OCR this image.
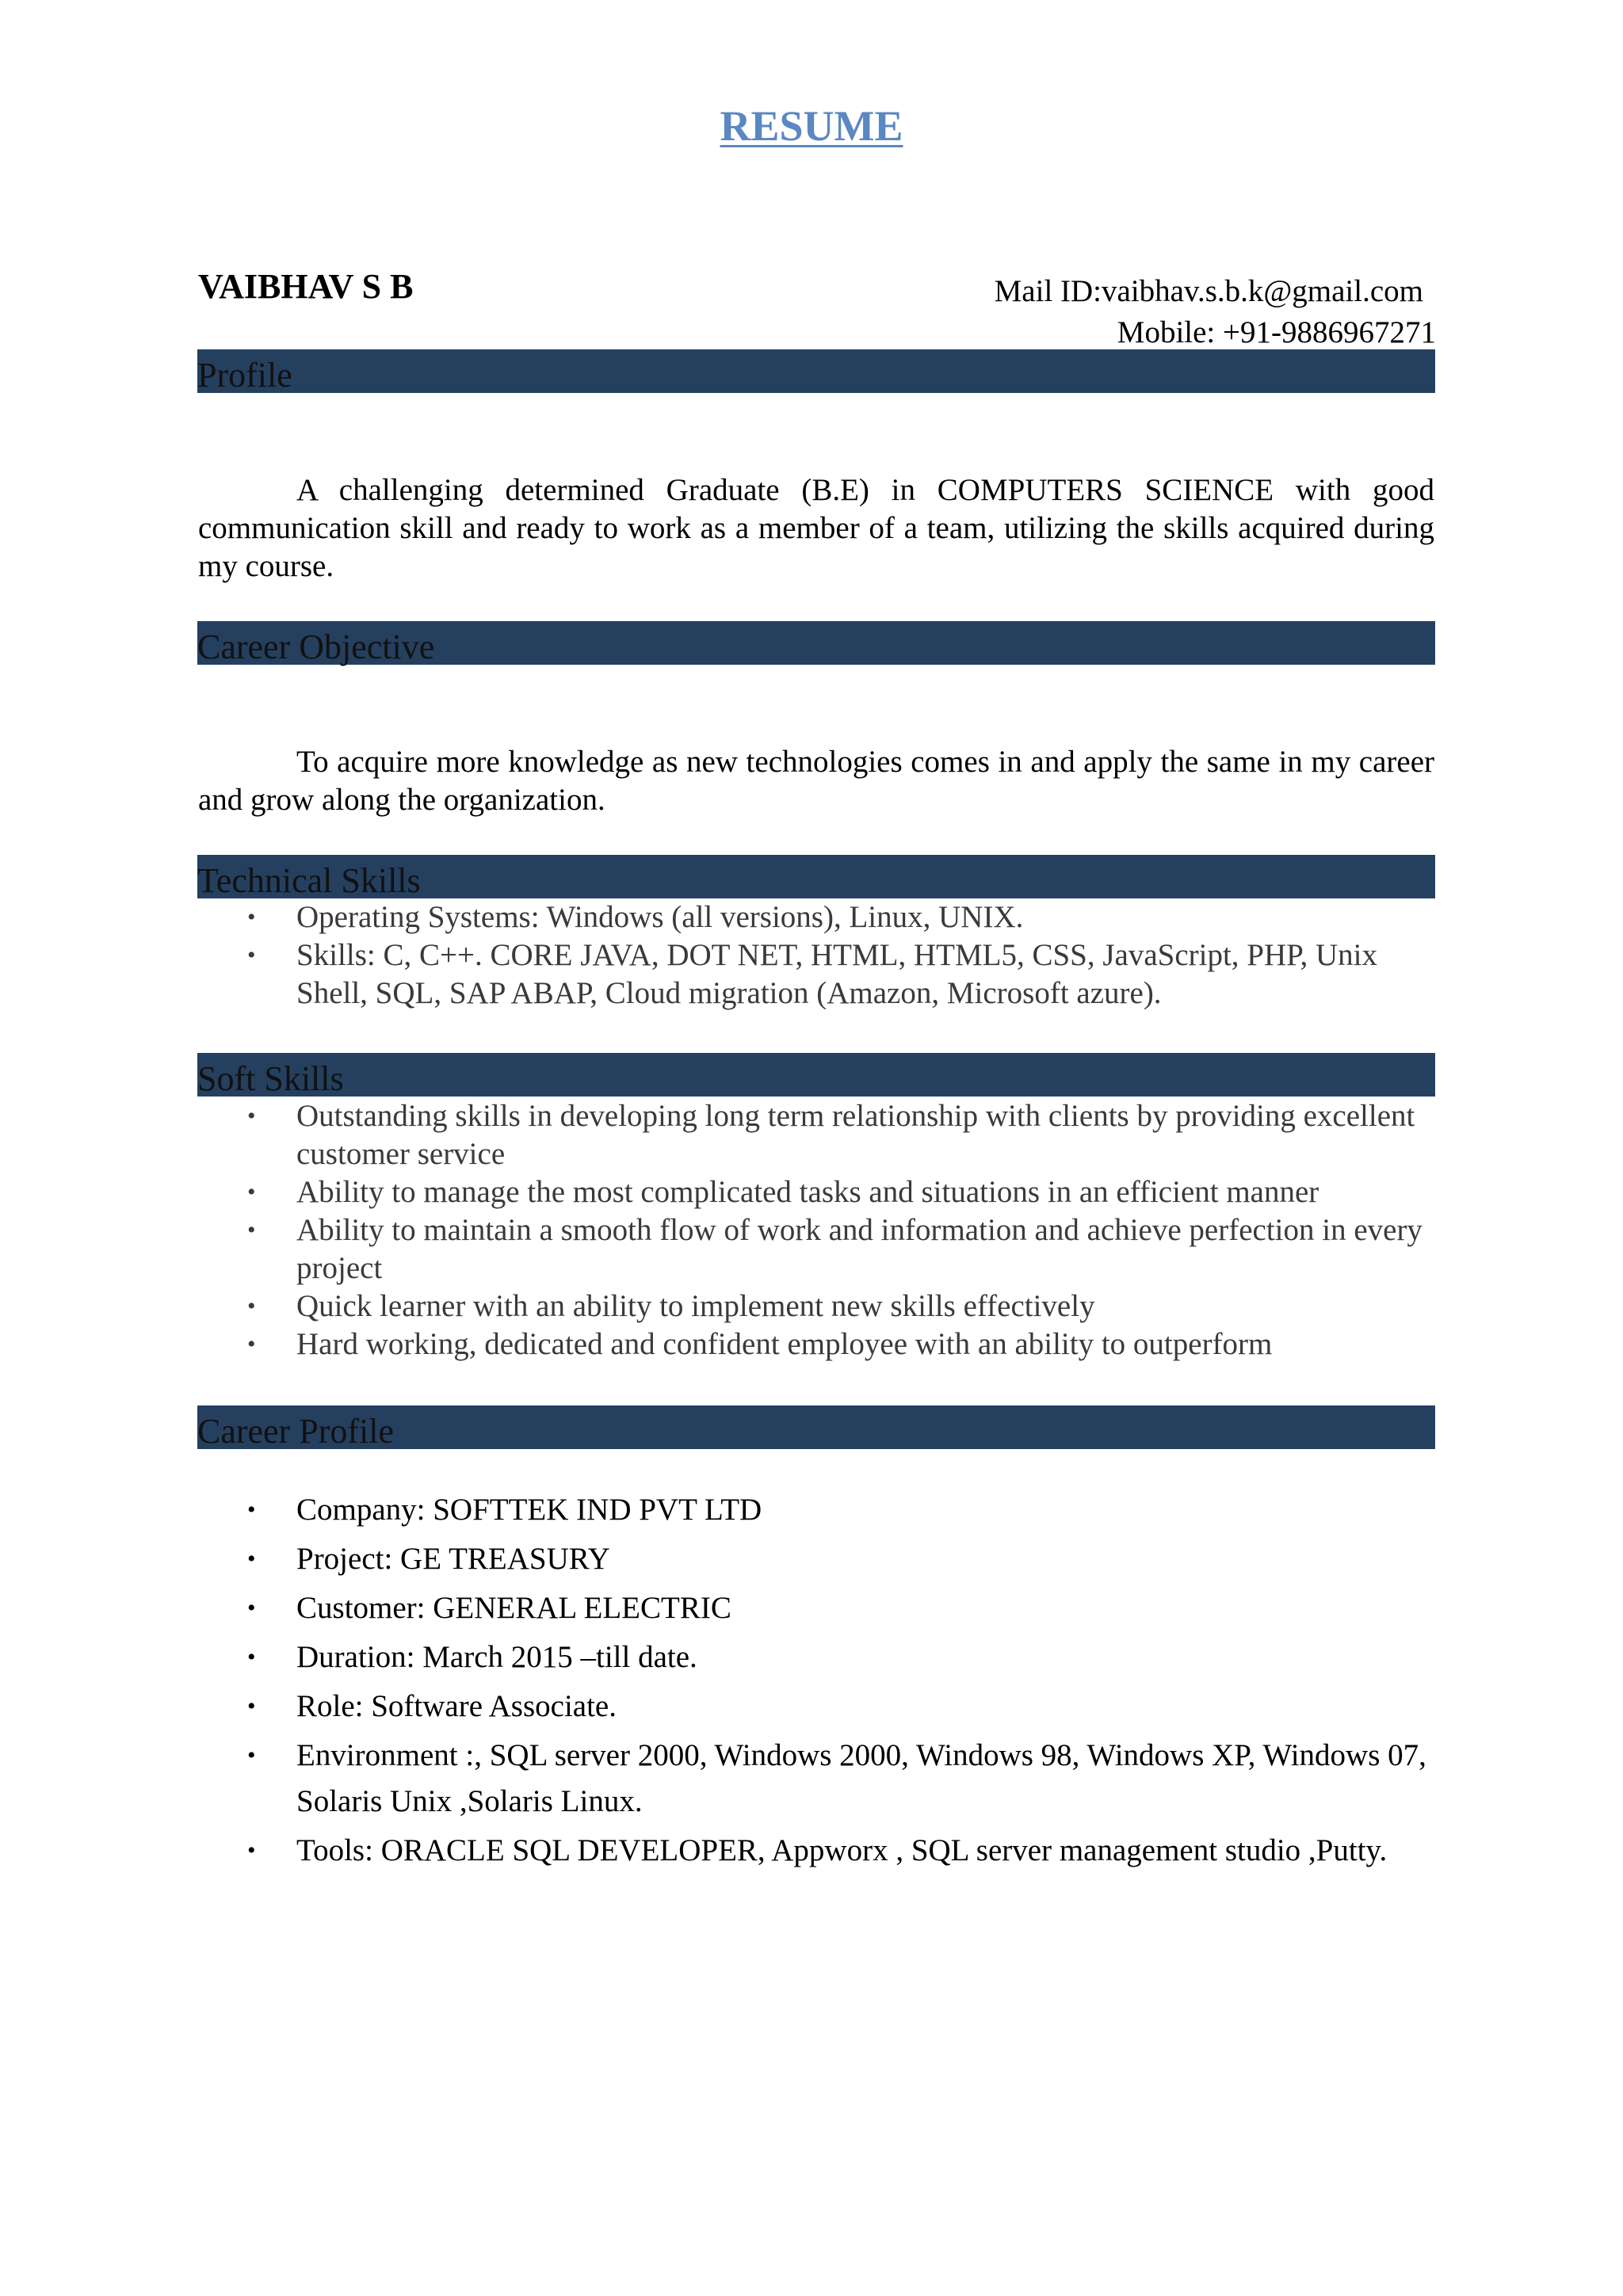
RESUME
VAIBHAV S B	Mail ID:vaibhav.s.b.k@gmail.com
Mobile: +91-9886967271
Profile
A challenging determined Graduate (B.E) in COMPUTERS SCIENCE with good communication skill and ready to work as a member of a team, utilizing the skills acquired during my course.
Career Objective
To acquire more knowledge as new technologies comes in and apply the same in my career and grow along the organization.
Technical Skills
• Operating Systems: Windows (all versions), Linux, UNIX.
• Skills: C, C++. CORE JAVA, DOT NET, HTML, HTML5, CSS, JavaScript, PHP, Unix Shell, SQL, SAP ABAP, Cloud migration (Amazon, Microsoft azure).
Soft Skills
• Outstanding skills in developing long term relationship with clients by providing excellent customer service
• Ability to manage the most complicated tasks and situations in an efficient manner
• Ability to maintain a smooth flow of work and information and achieve perfection in every project
• Quick learner with an ability to implement new skills effectively
• Hard working, dedicated and confident employee with an ability to outperform
Career Profile
• Company: SOFTTEK IND PVT LTD
• Project: GE TREASURY
• Customer: GENERAL ELECTRIC
• Duration: March 2015 –till date.
• Role: Software Associate.
• Environment :, SQL server 2000, Windows 2000, Windows 98, Windows XP, Windows 07, Solaris Unix ,Solaris Linux.
• Tools: ORACLE SQL DEVELOPER, Appworx , SQL server management studio ,Putty.
